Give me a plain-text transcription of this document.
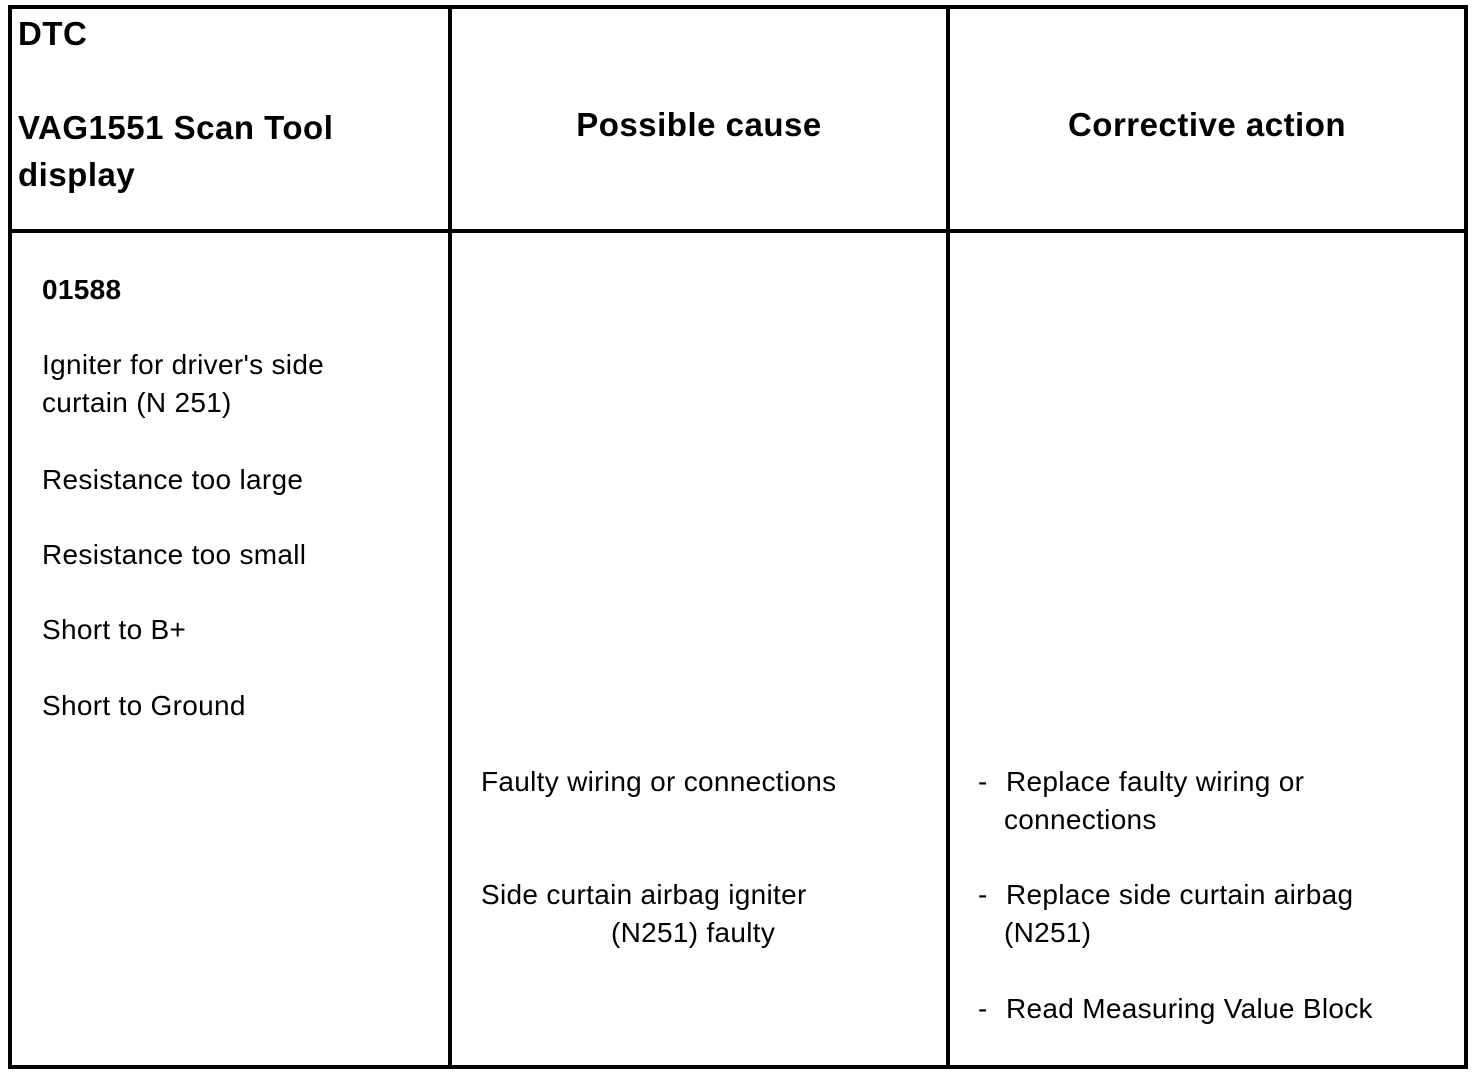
DTC
VAG1551 Scan Tool
display
Possible cause	Corrective action
01588
Igniter for driver's side
curtain (N 251)
Resistance too large
Resistance too small
Short to B+
Short to Ground
Faulty wiring or connections
Side curtain airbag igniter
(N251) faulty
- Replace faulty wiring or
connections
- Replace side curtain airbag
(N251)
- Read Measuring Value Block
